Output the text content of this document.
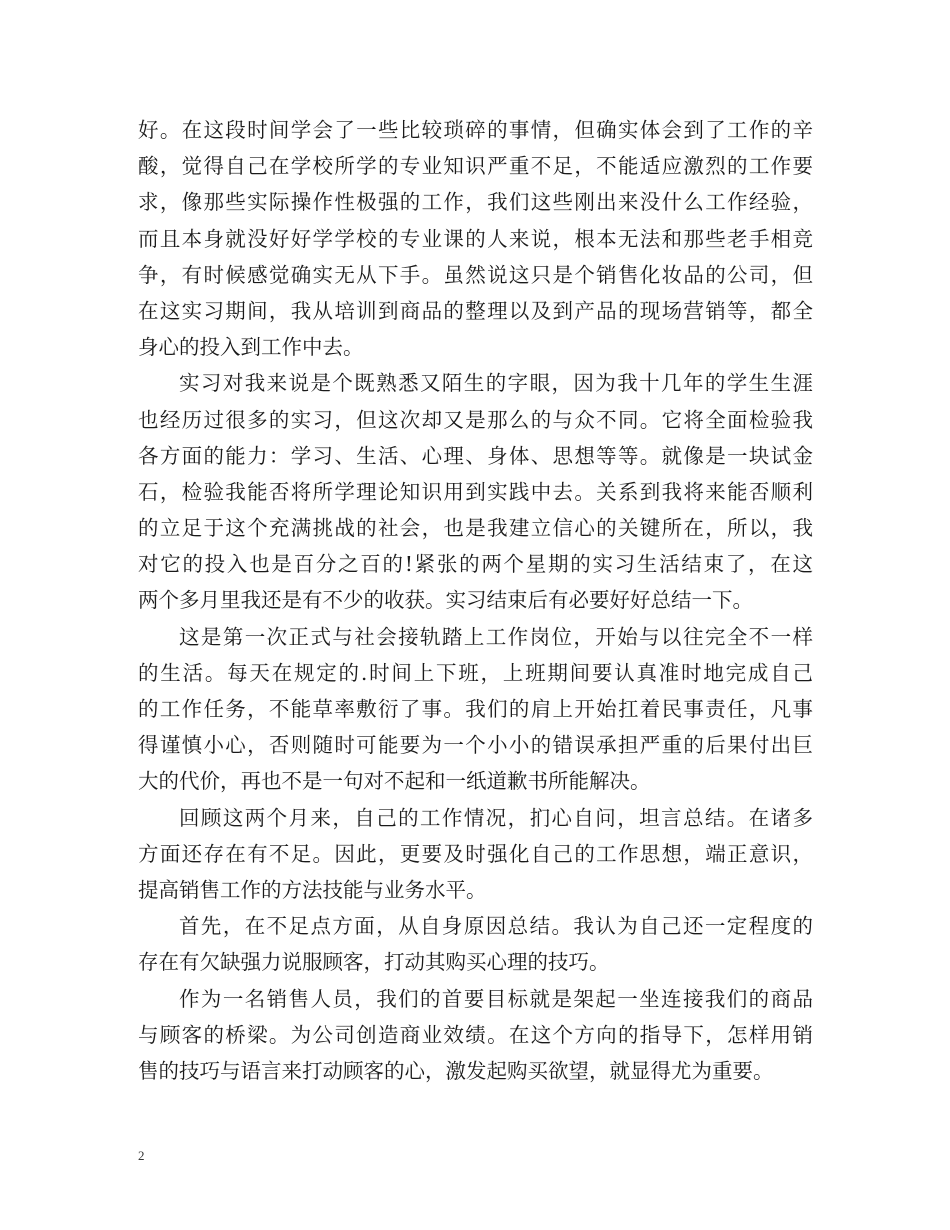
好。在这段时间学会了一些比较琐碎的事情，但确实体会到了工作的辛
酸，觉得自己在学校所学的专业知识严重不足，不能适应激烈的工作要
求，像那些实际操作性极强的工作，我们这些刚出来没什么工作经验，
而且本身就没好好学学校的专业课的人来说，根本无法和那些老手相竞
争，有时候感觉确实无从下手。虽然说这只是个销售化妆品的公司，但
在这实习期间，我从培训到商品的整理以及到产品的现场营销等，都全
身心的投入到工作中去。
实习对我来说是个既熟悉又陌生的字眼，因为我十几年的学生生涯
也经历过很多的实习，但这次却又是那么的与众不同。它将全面检验我
各方面的能力：学习、生活、心理、身体、思想等等。就像是一块试金
石，检验我能否将所学理论知识用到实践中去。关系到我将来能否顺利
的立足于这个充满挑战的社会，也是我建立信心的关键所在，所以，我
对它的投入也是百分之百的!紧张的两个星期的实习生活结束了，在这
两个多月里我还是有不少的收获。实习结束后有必要好好总结一下。
这是第一次正式与社会接轨踏上工作岗位，开始与以往完全不一样
的生活。每天在规定的.时间上下班，上班期间要认真准时地完成自己
的工作任务，不能草率敷衍了事。我们的肩上开始扛着民事责任，凡事
得谨慎小心，否则随时可能要为一个小小的错误承担严重的后果付出巨
大的代价，再也不是一句对不起和一纸道歉书所能解决。
回顾这两个月来，自己的工作情况，扪心自问，坦言总结。在诸多
方面还存在有不足。因此，更要及时强化自己的工作思想，端正意识，
提高销售工作的方法技能与业务水平。
首先，在不足点方面，从自身原因总结。我认为自己还一定程度的
存在有欠缺强力说服顾客，打动其购买心理的技巧。
作为一名销售人员，我们的首要目标就是架起一坐连接我们的商品
与顾客的桥梁。为公司创造商业效绩。在这个方向的指导下，怎样用销
售的技巧与语言来打动顾客的心，激发起购买欲望，就显得尤为重要。
2
